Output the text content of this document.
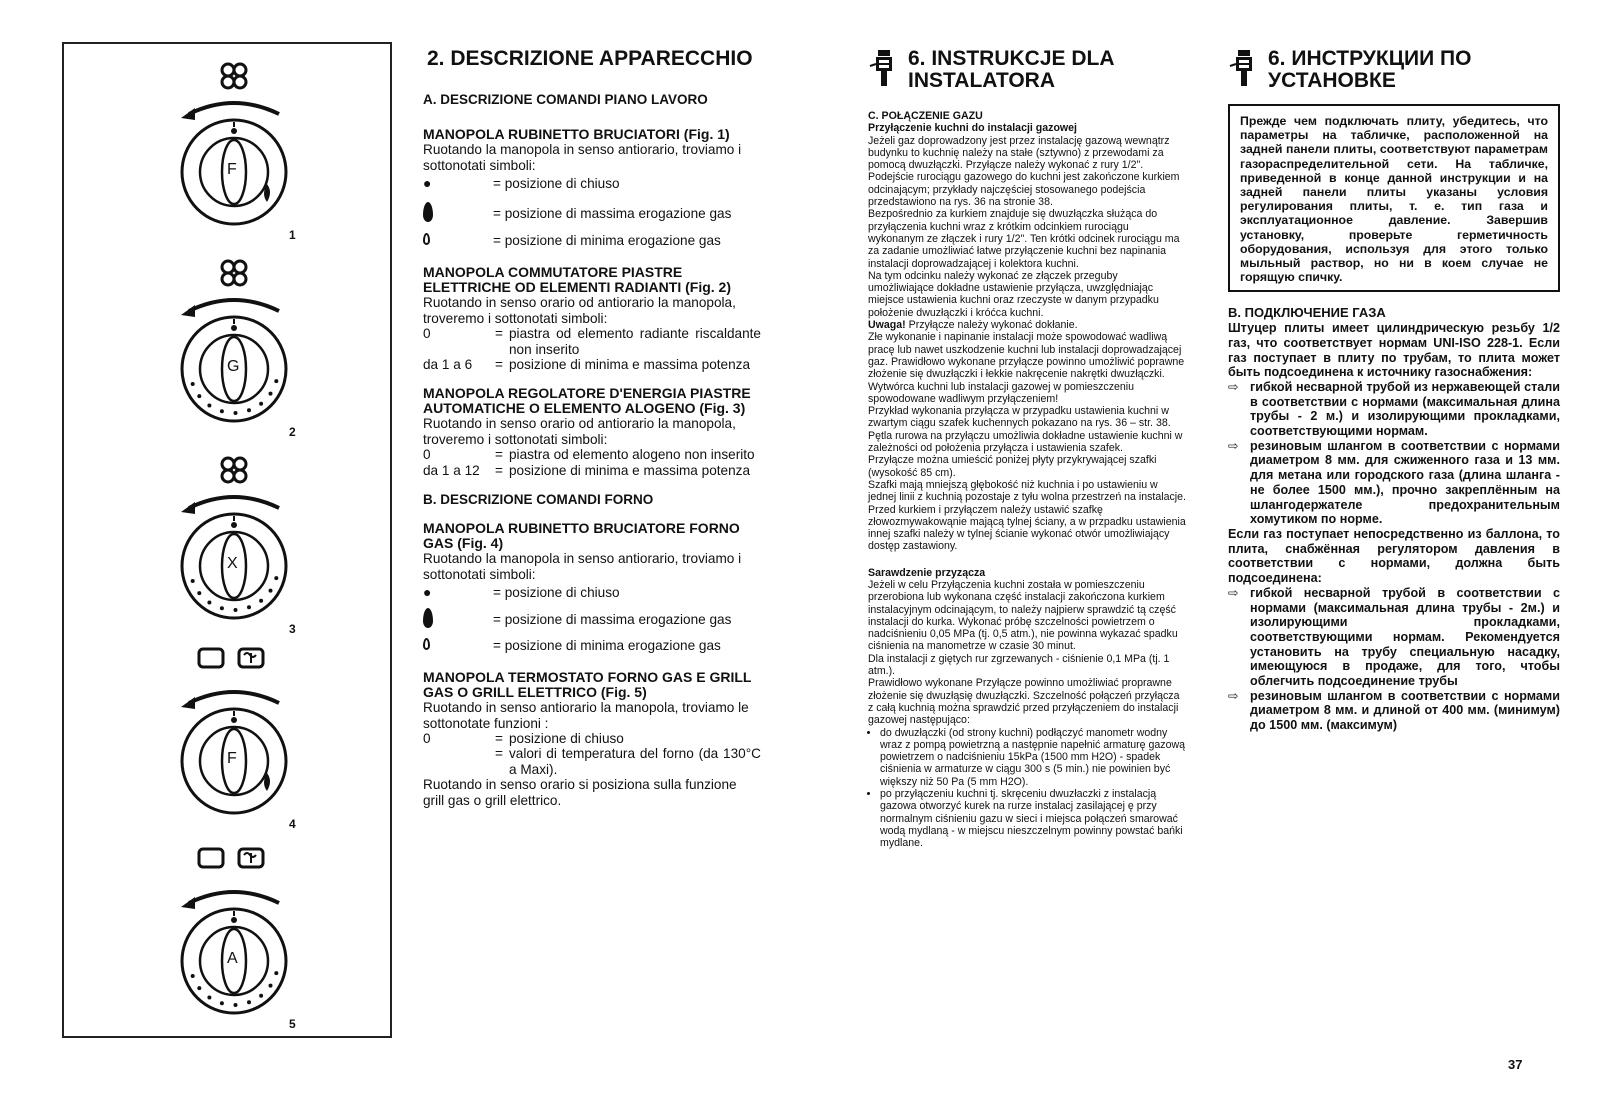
F
1
G
2
X
3
F
4
A
5
2. DESCRIZIONE APPARECCHIO

A. DESCRIZIONE COMANDI PIANO LAVORO

MANOPOLA RUBINETTO BRUCIATORI (Fig. 1)

Ruotando la manopola in senso antiorario, troviamo i sottonotati simboli:

●	= posizione di chiuso
= posizione di massima erogazione gas
= posizione di minima erogazione gas

MANOPOLA COMMUTATORE PIASTRE ELETTRICHE OD ELEMENTI RADIANTI (Fig. 2)

Ruotando in senso orario od antiorario la manopola, troveremo i sottonotati simboli:

0	= piastra od elemento radiante riscaldante non inserito
da 1 a 6	= posizione di minima e massima potenza

MANOPOLA REGOLATORE D'ENERGIA PIASTRE AUTOMATICHE O ELEMENTO ALOGENO (Fig. 3)

Ruotando in senso orario od antiorario la manopola, troveremo i sottonotati simboli:

0	= piastra od elemento alogeno non inserito
da 1 a 12	= posizione di minima e massima potenza

B. DESCRIZIONE COMANDI FORNO

MANOPOLA RUBINETTO BRUCIATORE FORNO GAS (Fig. 4)

Ruotando la manopola in senso antiorario, troviamo i sottonotati simboli:

●	= posizione di chiuso
= posizione di massima erogazione gas
= posizione di minima erogazione gas

MANOPOLA TERMOSTATO FORNO GAS E GRILL GAS O GRILL ELETTRICO (Fig. 5)

Ruotando in senso antiorario la manopola, troviamo le sottonotate funzioni :

0	= posizione di chiuso
= valori di temperatura del forno (da 130°C a Maxi).

Ruotando in senso orario si posiziona sulla funzione grill gas o grill elettrico.

6. INSTRUKCJE DLA INSTALATORA

C. POŁĄCZENIE GAZU

Przyłączenie kuchni do instalacji gazowej

Jeżeli gaz doprowadzony jest przez instalację gazową wewnątrz budynku to kuchnię należy na stałe (sztywno) z przewodami za pomocą dwuzłączki. Przyłącze należy wykonać z rury 1/2".

Podejście rurociągu gazowego do kuchni jest zakończone kurkiem odcinającym; przykłady najczęściej stosowanego podejścia przedstawiono na rys. 36 na stronie 38.

Bezpośrednio za kurkiem znajduje się dwuzłączka służąca do przyłączenia kuchni wraz z krótkim odcinkiem rurociągu wykonanym ze złączek i rury 1/2". Ten krótki odcinek rurociągu ma za zadanie umożliwiać łatwe przyłączenie kuchni bez napinania instalacji doprowadzającej i kolektora kuchni.

Na tym odcinku należy wykonać ze złączek przeguby umożliwiające dokładne ustawienie przyłącza, uwzględniając miejsce ustawienia kuchni oraz rzeczyste w danym przypadku położenie dwuzłączki i króćca kuchni.

Uwaga! Przyłącze należy wykonać dokłanie.

Złe wykonanie i napinanie instalacji może spowodować wadliwą pracę lub nawet uszkodzenie kuchni lub instalacji doprowadzającej gaz. Prawidłowo wykonane przyłącze powinno umożliwić poprawne złożenie się dwuzłączki i łekkie nakręcenie nakrętki dwuzłączki. Wytwórca kuchni lub instalacji gazowej w pomieszczeniu spowodowane wadliwym przyłączeniem!

Przykład wykonania przyłącza w przypadku ustawienia kuchni w zwartym ciągu szafek kuchennych pokazano na rys. 36 – str. 38.

Pętla rurowa na przyłączu umożliwia dokładne ustawienie kuchni w zależności od położenia przyłącza i ustawienia szafek.

Przyłącze można umieścić poniżej płyty przykrywającej szafki (wysokość 85 cm).

Szafki mają mniejszą głębokość niż kuchnia i po ustawieniu w jednej linii z kuchnią pozostaje z tyłu wolna przestrzeń na instalacje.

Przed kurkiem i przyłączem należy ustawić szafkę złowozmywakowąnie mającą tylnej ściany, a w przpadku ustawienia innej szafki należy w tylnej ścianie wykonać otwór umożliwiający dostęp zastawiony.

Sarawdzenie przyzącza

Jeżeli w celu Przyłączenia kuchni została w pomieszczeniu przerobiona lub wykonana część instalacji zakończona kurkiem instalacyjnym odcinającym, to należy najpierw sprawdzić tą część instalacji do kurka. Wykonać próbę szczelności powietrzem o nadciśnieniu 0,05 MPa (tj. 0,5 atm.), nie powinna wykazać spadku ciśnienia na manometrze w czasie 30 minut.

Dla instalacji z giętych rur zgrzewanych - ciśnienie 0,1 MPa (tj. 1 atm.).

Prawidłowo wykonane Przyłącze powinno umożliwiać proprawne złożenie się dwuzłąsię dwuzłączki. Szczelność połączeń przyłącza z całą kuchnią można sprawdzić przed przyłączeniem do instalacji gazowej następująco:

• do dwuzłączki (od strony kuchni) podłączyć manometr wodny wraz z pompą powietrzną a następnie napełnić armaturę gazową powietrzem o nadciśnieniu 15kPa (1500 mm H2O) - spadek ciśnienia w armaturze w ciągu 300 s (5 min.) nie powinien być większy niż 50 Pa (5 mm H2O).
• po przyłączeniu kuchni tj. skręceniu dwuzłaczki z instalacją gazowa otworzyć kurek na rurze instalacj zasilającej ę przy normalnym ciśnieniu gazu w sieci i miejsca połączeń smarować wodą mydlaną - w miejscu nieszczelnym powinny powstać bańki mydlane.
6. ИНСТРУКЦИИ ПО УСТАНОВКЕ
Прежде чем подключать плиту, убедитесь, что параметры на табличке, расположенной на задней панели плиты, соответствуют параметрам газораспределительной сети. На табличке, приведенной в конце данной инструкции и на задней панели плиты указаны условия регулирования плиты, т. е. тип газа и эксплуатационное давление. Завершив установку, проверьте герметичность оборудования, используя для этого только мыльный раствор, но ни в коем случае не горящую спичку.

В. ПОДКЛЮЧЕНИЕ ГАЗА

Штуцер плиты имеет цилиндрическую резьбу 1/2 газ, что соответствует нормам UNI-ISO 228-1. Если газ поступает в плиту по трубам, то плита может быть подсоединена к источнику газоснабжения:

⇨ гибкой несварной трубой из нержавеющей стали в соответствии с нормами (максимальная длина трубы - 2 м.) и изолирующими прокладками, соответствующими нормам.
⇨ резиновым шлангом в соответствии с нормами диаметром 8 мм. для сжиженного газа и 13 мм. для метана или городского газа (длина шланга - не более 1500 мм.), прочно закреплённым на шлангодержателе предохранительным хомутиком по норме.

Если газ поступает непосредственно из баллона, то плита, снабжённая регулятором давления в соответствии с нормами, должна быть подсоединена:

⇨ гибкой несварной трубой в соответствии с нормами (максимальная длина трубы - 2м.) и изолирующими прокладками, соответствующими нормам. Рекомендуется установить на трубу специальную насадку, имеющуюся в продаже, для того, чтобы облегчить подсоединение трубы
⇨ резиновым шлангом в соответствии с нормами диаметром 8 мм. и длиной от 400 мм. (минимум) до 1500 мм. (максимум)
37
